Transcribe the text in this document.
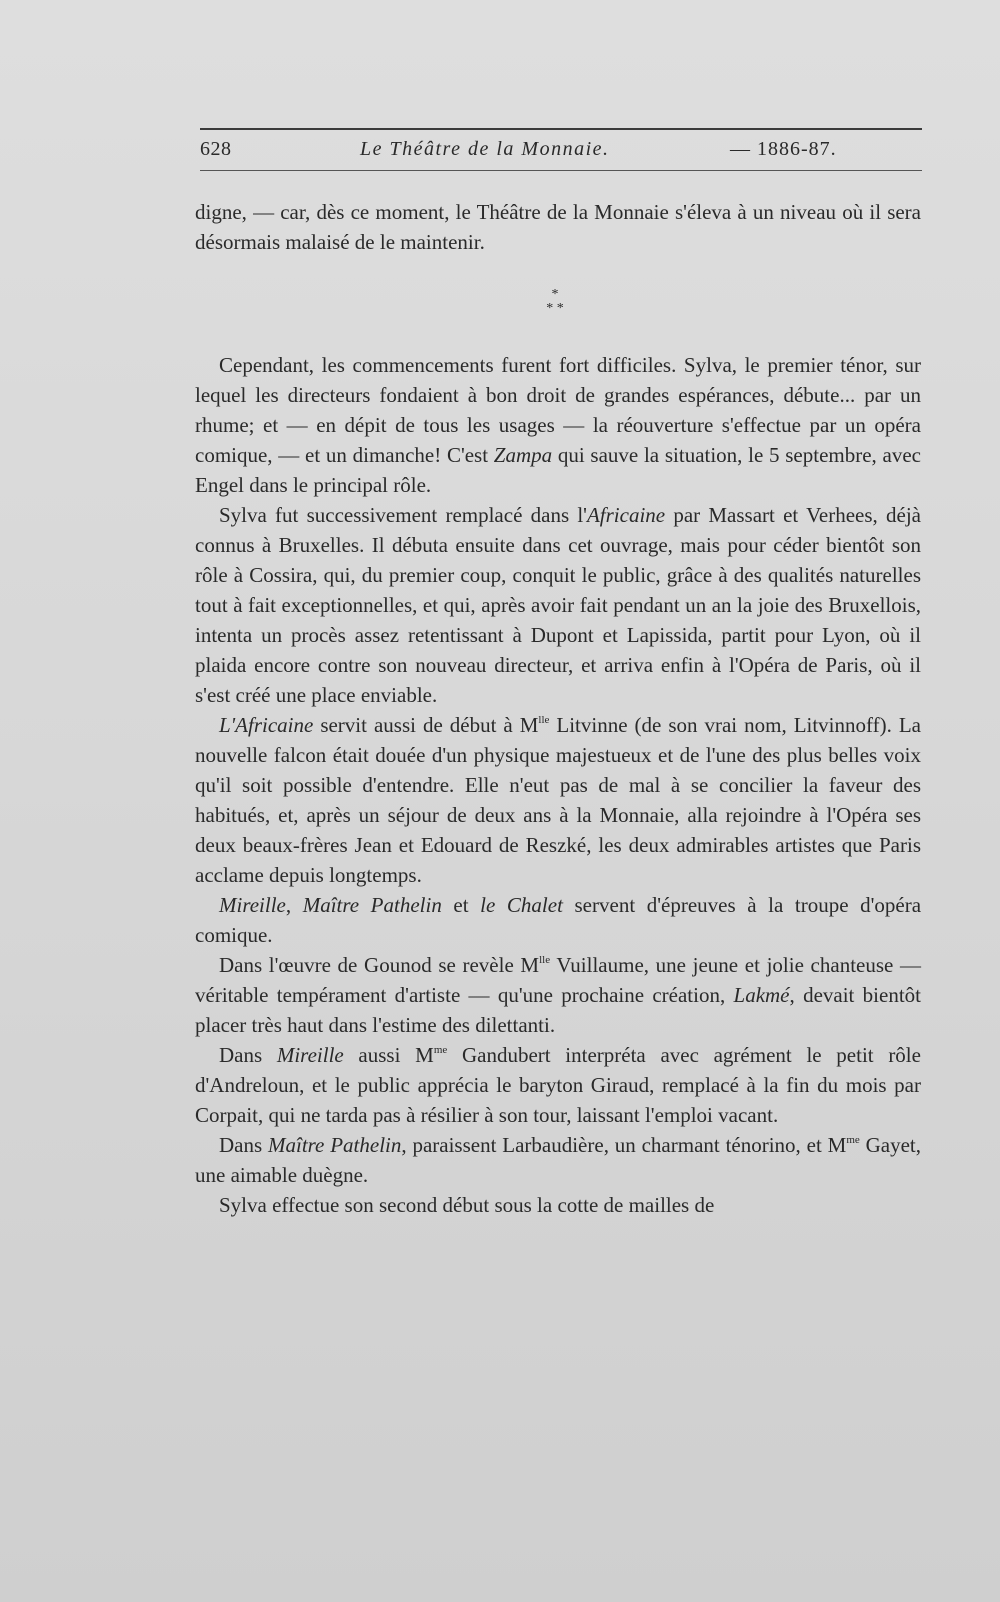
628	Le Théâtre de la Monnaie.	— 1886-87.

digne, — car, dès ce moment, le Théâtre de la Monnaie s'éleva à un niveau où il sera désormais malaisé de le maintenir.

*
* *

Cependant, les commencements furent fort difficiles. Sylva, le premier ténor, sur lequel les directeurs fondaient à bon droit de grandes espérances, débute... par un rhume; et — en dépit de tous les usages — la réouverture s'effectue par un opéra comique, — et un dimanche! C'est Zampa qui sauve la situation, le 5 septembre, avec Engel dans le principal rôle.

Sylva fut successivement remplacé dans l'Africaine par Massart et Verhees, déjà connus à Bruxelles. Il débuta ensuite dans cet ouvrage, mais pour céder bientôt son rôle à Cossira, qui, du premier coup, conquit le public, grâce à des qualités naturelles tout à fait exceptionnelles, et qui, après avoir fait pendant un an la joie des Bruxellois, intenta un procès assez retentissant à Dupont et Lapissida, partit pour Lyon, où il plaida encore contre son nouveau directeur, et arriva enfin à l'Opéra de Paris, où il s'est créé une place enviable.

L'Africaine servit aussi de début à $M^{lle}$ Litvinne (de son vrai nom, Litvinnoff). La nouvelle falcon était douée d'un physique majestueux et de l'une des plus belles voix qu'il soit possible d'entendre. Elle n'eut pas de mal à se concilier la faveur des habitués, et, après un séjour de deux ans à la Monnaie, alla rejoindre à l'Opéra ses deux beaux-frères Jean et Edouard de Reszké, les deux admirables artistes que Paris acclame depuis longtemps.

Mireille, Maître Pathelin et le Chalet servent d'épreuves à la troupe d'opéra comique.

Dans l'œuvre de Gounod se revèle $M^{lle}$ Vuillaume, une jeune et jolie chanteuse — véritable tempérament d'artiste — qu'une prochaine création, Lakmé, devait bientôt placer très haut dans l'estime des dilettanti.

Dans Mireille aussi $M^{me}$ Gandubert interpréta avec agrément le petit rôle d'Andreloun, et le public apprécia le baryton Giraud, remplacé à la fin du mois par Corpait, qui ne tarda pas à résilier à son tour, laissant l'emploi vacant.

Dans Maître Pathelin, paraissent Larbaudière, un charmant ténorino, et $M^{me}$ Gayet, une aimable duègne.

Sylva effectue son second début sous la cotte de mailles de
